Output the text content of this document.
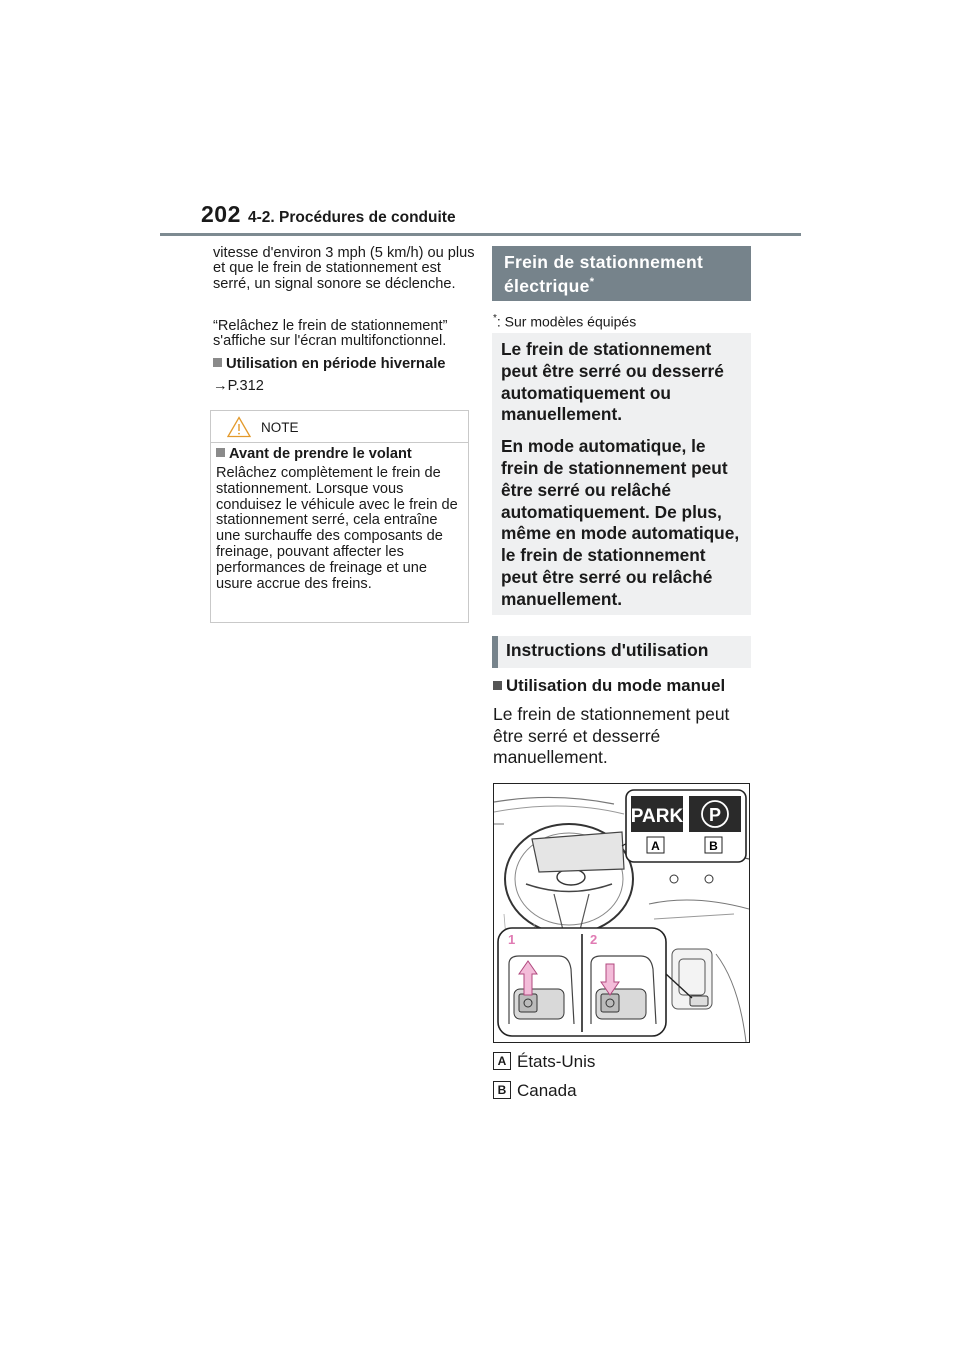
202 4-2. Procédures de conduite

vitesse d'environ 3 mph (5 km/h) ou plus et que le frein de stationnement est serré, un signal sonore se déclenche.

“Relâchez le frein de stationnement” s'affiche sur l'écran multifonctionnel.

Utilisation en période hivernale
→P.312
NOTE
Avant de prendre le volant
Relâchez complètement le frein de stationnement. Lorsque vous conduisez le véhicule avec le frein de stationnement serré, cela entraîne une surchauffe des composants de freinage, pouvant affecter les performances de freinage et une usure accrue des freins.
Frein de stationnement électrique*
*: Sur modèles équipés

Le frein de stationnement peut être serré ou desserré automatiquement ou manuellement.

En mode automatique, le frein de stationnement peut être serré ou relâché automatiquement. De plus, même en mode automatique, le frein de stationnement peut être serré ou relâché manuellement.

Instructions d'utilisation
Utilisation du mode manuel
Le frein de stationnement peut être serré et desserré manuellement.
PARK P
A	B
1	2
A États-Unis
B Canada
